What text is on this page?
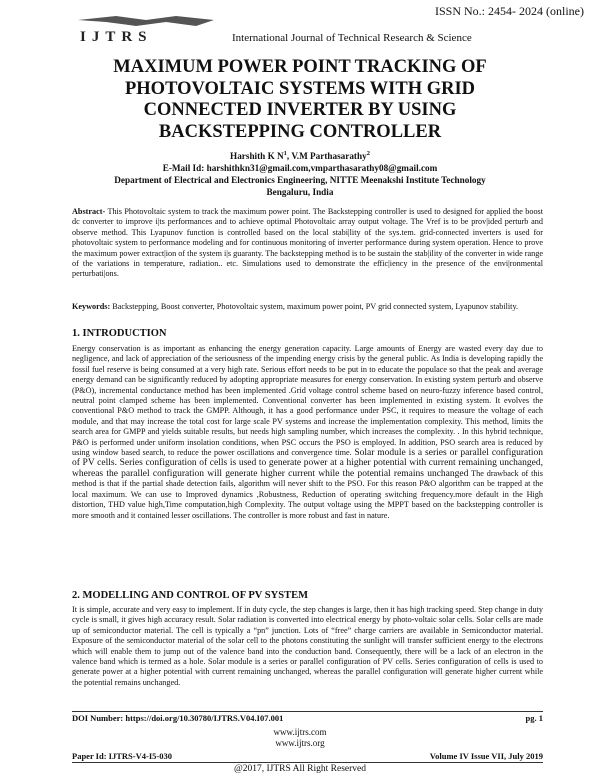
ISSN No.: 2454- 2024 (online)
IJTRS	International Journal of Technical Research & Science
MAXIMUM POWER POINT TRACKING OF
PHOTOVOLTAIC SYSTEMS WITH GRID
CONNECTED INVERTER BY USING
BACKSTEPPING CONTROLLER
Harshith K $N^1$, V.M Parthasarathy$^2$
E-Mail Id: harshithkn31@gmail.com,vmparthasarathy08@gmail.com
Department of Electrical and Electronics Engineering, NITTE Meenakshi Institute Technology
Bengaluru, India
Abstract- This Photovoltaic system to track the maximum power point. The Backstepping controller is used to designed for applied the boost dc converter to improve i|ts performances and to achieve optimal Photovoltaic array output voltage. The Vref is to be prov|ided perturb and observe method. This Lyapunov function is controlled based on the local stabi|lity of the sys.tem. grid-connected inverters is used for photovoltaic system to performance modeling and for continuous monitoring of inverter performance during system operation. Hence to prove the maximum power extract|ion of the system i|s guaranty. The backstepping method is to be sustain the stab|ility of the converter in wide range of the variations in temperature, radiation.. etc. Simulations used to demonstrate the effic|iency in the presence of the envi|ronmental perturbati|ons.
Keywords: Backstepping, Boost converter, Photovoltaic system, maximum power point, PV grid connected system, Lyapunov stability.
1. INTRODUCTION
Energy conservation is as important as enhancing the energy generation capacity. Large amounts of Energy are wasted every day due to negligence, and lack of appreciation of the seriousness of the impending energy crisis by the general public. As India is developing rapidly the fossil fuel reserve is being consumed at a very high rate. Serious effort needs to be put in to educate the populace so that the peak and average energy demand can be significantly reduced by adopting appropriate measures for energy conservation. In existing system perturb and observe (P&O), incremental conductance method has been implemented .Grid voltage control scheme based on neuro-fuzzy inference based control, neutral point clamped scheme has been implemented. Conventional converter has been implemented in existing system. It evolves the conventional P&O method to track the GMPP. Although, it has a good performance under PSC, it requires to measure the voltage of each module, and that may increase the total cost for large scale PV systems and increase the implementation complexity. This method, limits the search area for GMPP and yields suitable results, but needs high sampling number, which increases the complexity. . In this hybrid technique, P&O is performed under uniform insolation conditions, when PSC occurs the PSO is employed. In addition, PSO search area is reduced by using window based search, to reduce the power oscillations and convergence time. Solar module is a series or parallel configuration of PV cells. Series configuration of cells is used to generate power at a higher potential with current remaining unchanged, whereas the parallel configuration will generate higher current while the potential remains unchanged The drawback of this method is that if the partial shade detection fails, algorithm will never shift to the PSO. For this reason P&O algorithm can be trapped at the local maximum. We can use to Improved dynamics ,Robustness, Reduction of operating switching frequency.more default in the High distortion, THD value high,Time computation,high Complexity. The output voltage using the MPPT based on the backstepping controller is more smooth and it contained lesser oscillations. The controller is more robust and fast in nature.
2. MODELLING AND CONTROL OF PV SYSTEM
It is simple, accurate and very easy to implement. If in duty cycle, the step changes is large, then it has high tracking speed. Step change in duty cycle is small, it gives high accuracy result. Solar radiation is converted into electrical energy by photo-voltaic solar cells. Solar cells are made up of semiconductor material. The cell is typically a “pn” junction. Lots of “free” charge carriers are available in Semiconductor material. Exposure of the semiconductor material of the solar cell to the photons constituting the sunlight will transfer sufficient energy to the electrons which will enable them to jump out of the valence band into the conduction band. Consequently, there will be a lack of an electron in the valence band which is termed as a hole. Solar module is a series or parallel configuration of PV cells. Series configuration of cells is used to generate power at a higher potential with current remaining unchanged, whereas the parallel configuration will generate higher current while the potential remains unchanged.
DOI Number: https://doi.org/10.30780/IJTRS.V04.I07.001	pg. 1
www.ijtrs.com
www.ijtrs.org
Paper Id: IJTRS-V4-I5-030	Volume IV Issue VII, July 2019
@2017, IJTRS All Right Reserved
